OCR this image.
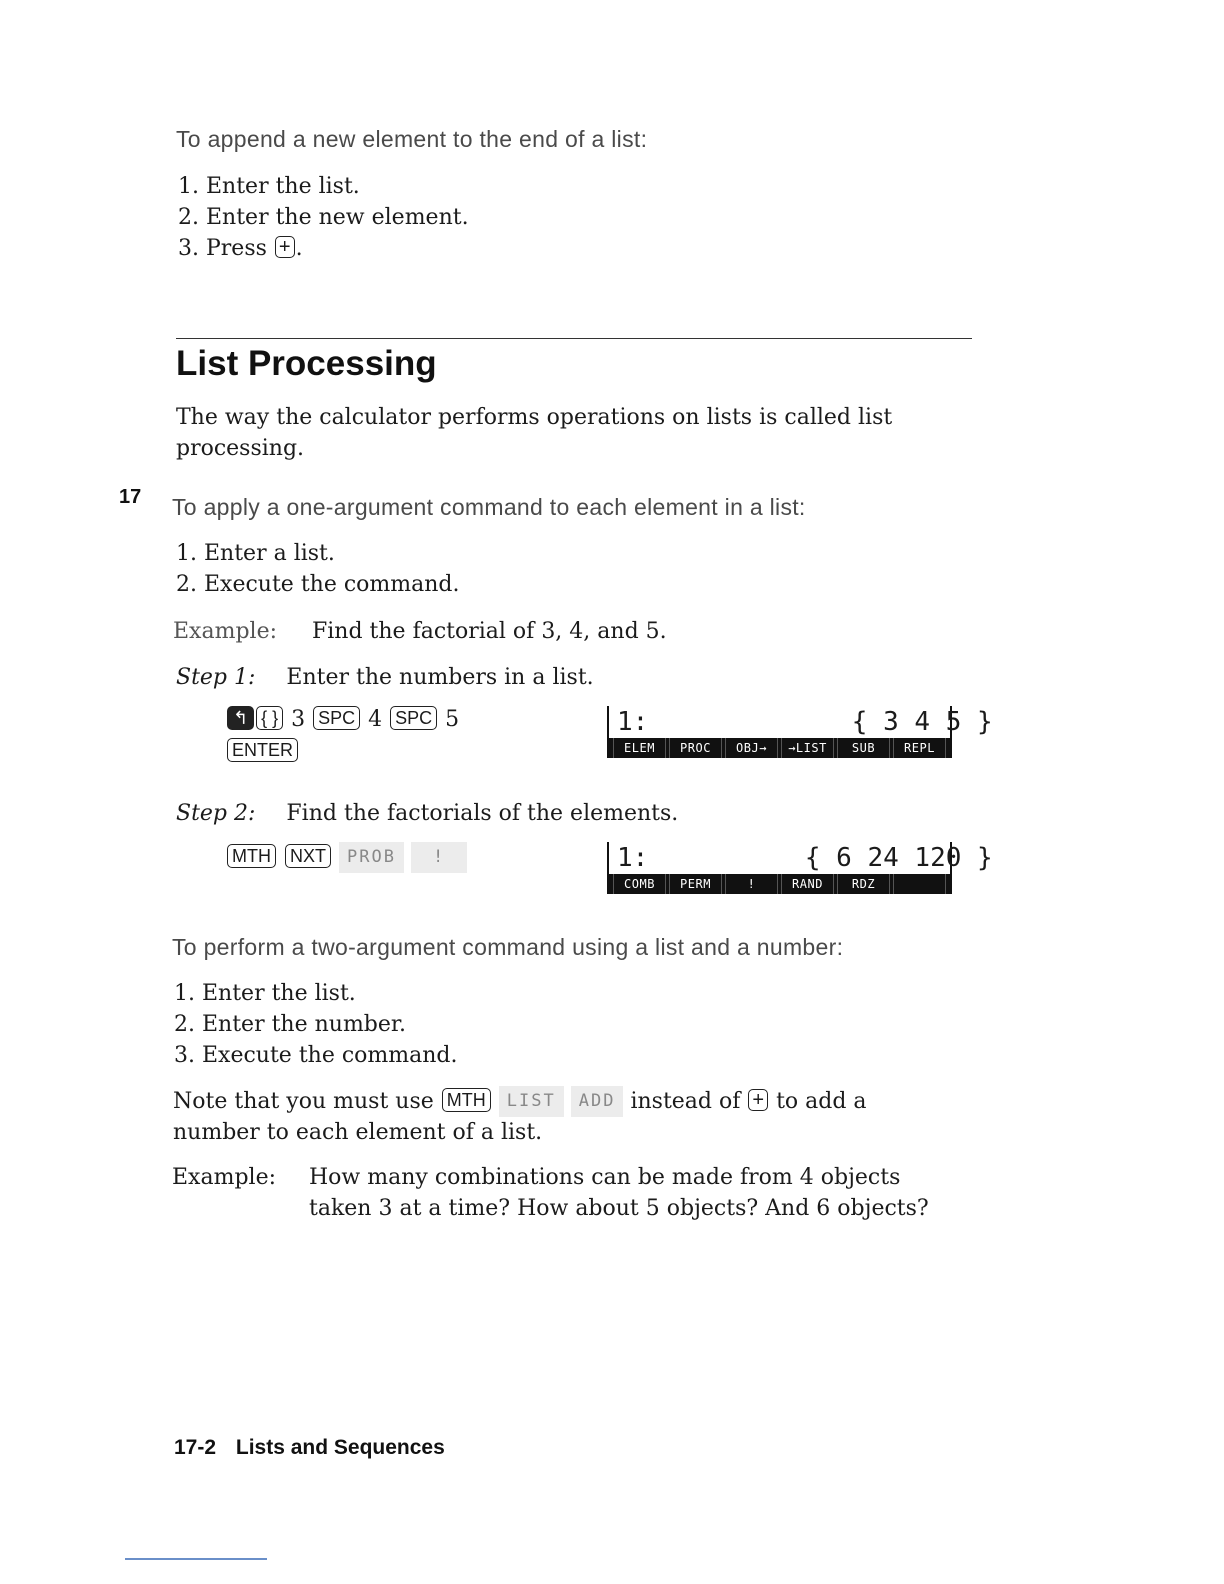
To append a new element to the end of a list:
1. Enter the list.
2. Enter the new element.
3. Press + .
List Processing
The way the calculator performs operations on lists is called list processing.
17 To apply a one-argument command to each element in a list:
1. Enter a list.
2. Execute the command.
Example: Find the factorial of 3, 4, and 5.
Step 1: Enter the numbers in a list.
↰ { } 3 SPC 4 SPC 5
ENTER
1:             { 3 4 5 }
ELEM	PROC	OBJ→	→LIST	SUB	REPL
Step 2: Find the factorials of the elements.
MTH NXT PROB !	1:          { 6 24 120 }
COMB	PERM	!	RAND	RDZ
To perform a two-argument command using a list and a number:
1. Enter the list.
2. Enter the number.
3. Execute the command.
Note that you must use MTH LIST ADD instead of + to add a
number to each element of a list.
Example: How many combinations can be made from 4 objects
taken 3 at a time? How about 5 objects? And 6 objects?
17-2 Lists and Sequences
